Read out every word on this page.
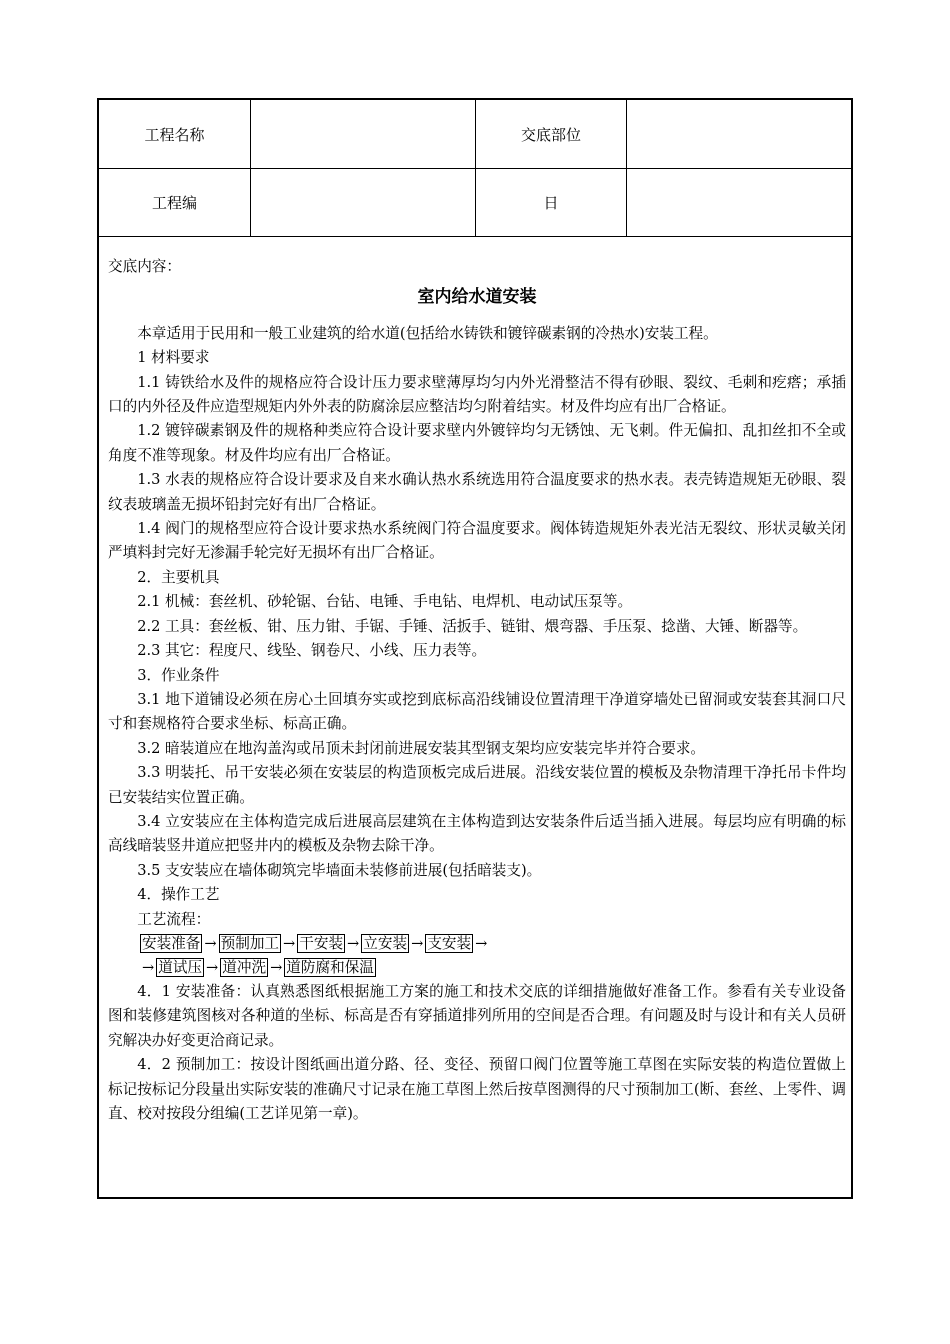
工程名称	交底部位
工程编	日
交底内容：
室内给水道安装

本章适用于民用和一般工业建筑的给水道(包括给水铸铁和镀锌碳素钢的冷热水)安装工程。

1 材料要求

1.1 铸铁给水及件的规格应符合设计压力要求壁薄厚均匀内外光滑整洁不得有砂眼、裂纹、毛刺和疙瘩；承插口的内外径及件应造型规矩内外外表的防腐涂层应整洁均匀附着结实。材及件均应有出厂合格证。

1.2 镀锌碳素钢及件的规格种类应符合设计要求壁内外镀锌均匀无锈蚀、无飞刺。件无偏扣、乱扣丝扣不全或角度不准等现象。材及件均应有出厂合格证。

1.3 水表的规格应符合设计要求及自来水确认热水系统选用符合温度要求的热水表。表壳铸造规矩无砂眼、裂纹表玻璃盖无损坏铅封完好有出厂合格证。

1.4 阀门的规格型应符合设计要求热水系统阀门符合温度要求。阀体铸造规矩外表光洁无裂纹、形状灵敏关闭严填料封完好无渗漏手轮完好无损坏有出厂合格证。

2．主要机具

2.1 机械：套丝机、砂轮锯、台钻、电锤、手电钻、电焊机、电动试压泵等。

2.2 工具：套丝板、钳、压力钳、手锯、手锤、活扳手、链钳、煨弯器、手压泵、捻凿、大锤、断器等。

2.3 其它：程度尺、线坠、钢卷尺、小线、压力表等。

3．作业条件

3.1 地下道铺设必须在房心土回填夯实或挖到底标高沿线铺设位置清理干净道穿墙处已留洞或安装套其洞口尺寸和套规格符合要求坐标、标高正确。

3.2 暗装道应在地沟盖沟或吊顶未封闭前进展安装其型钢支架均应安装完毕并符合要求。

3.3 明装托、吊干安装必须在安装层的构造顶板完成后进展。沿线安装位置的模板及杂物清理干净托吊卡件均已安装结实位置正确。

3.4 立安装应在主体构造完成后进展高层建筑在主体构造到达安装条件后适当插入进展。每层均应有明确的标高线暗装竖井道应把竖井内的模板及杂物去除干净。

3.5 支安装应在墙体砌筑完毕墙面未装修前进展(包括暗装支)。

4．操作工艺

工艺流程：

安装准备 → 预制加工 → 干安装 → 立安装 → 支安装 →
→ 道试压 → 道冲洗 → 道防腐和保温

4．1 安装准备：认真熟悉图纸根据施工方案的施工和技术交底的详细措施做好准备工作。参看有关专业设备图和装修建筑图核对各种道的坐标、标高是否有穿插道排列所用的空间是否合理。有问题及时与设计和有关人员研究解决办好变更洽商记录。

4．2 预制加工：按设计图纸画出道分路、径、变径、预留口阀门位置等施工草图在实际安装的构造位置做上标记按标记分段量出实际安装的准确尺寸记录在施工草图上然后按草图测得的尺寸预制加工(断、套丝、上零件、调直、校对按段分组编(工艺详见第一章)。
